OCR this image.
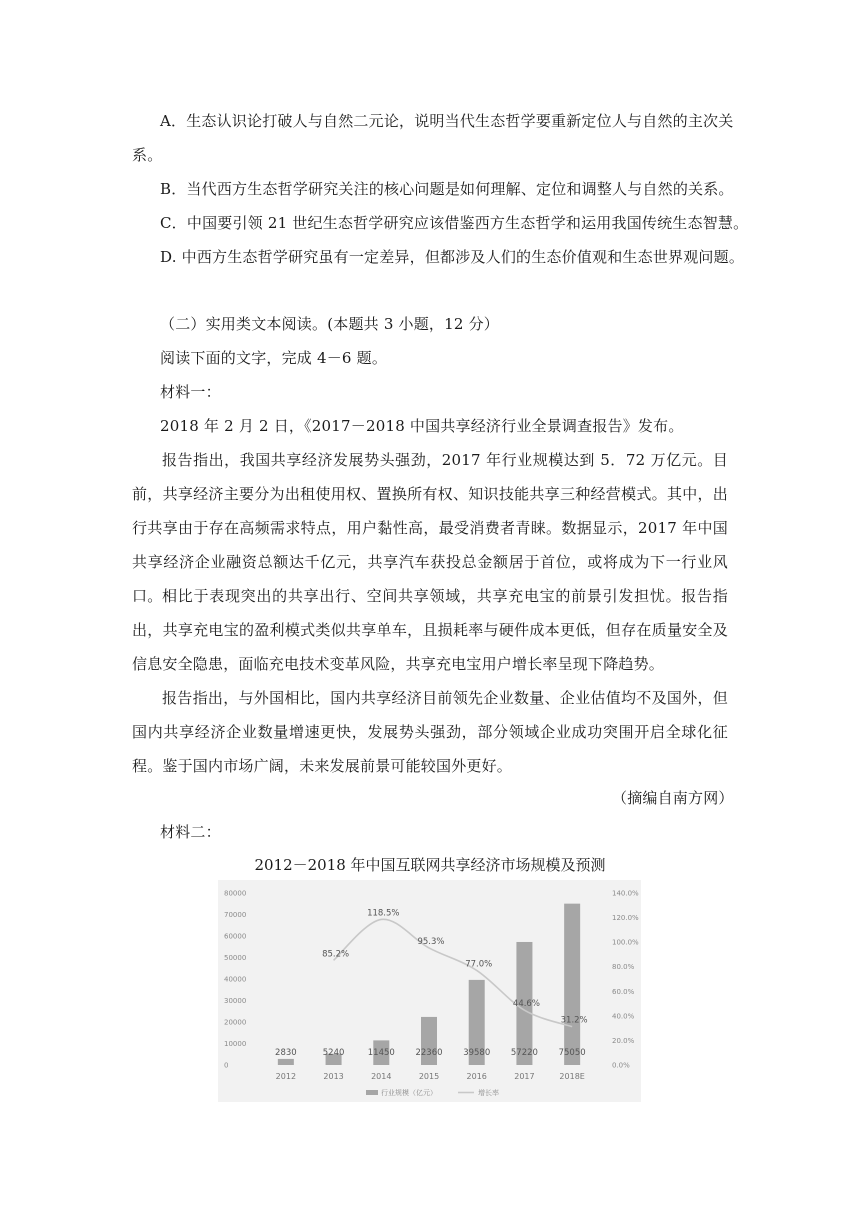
A．生态认识论打破人与自然二元论，说明当代生态哲学要重新定位人与自然的主次关
系。
B．当代西方生态哲学研究关注的核心问题是如何理解、定位和调整人与自然的关系。
C．中国要引领 21 世纪生态哲学研究应该借鉴西方生态哲学和运用我国传统生态智慧。
D. 中西方生态哲学研究虽有一定差异，但都涉及人们的生态价值观和生态世界观问题。
（二）实用类文本阅读。(本题共 3 小题，12 分）
阅读下面的文字，完成 4－6 题。
材料一：
2018 年 2 月 2 日，《2017－2018 中国共享经济行业全景调查报告》发布。
报告指出，我国共享经济发展势头强劲，2017 年行业规模达到 5．72 万亿元。目前，共享经济主要分为出租使用权、置换所有权、知识技能共享三种经营模式。其中，出行共享由于存在高频需求特点，用户黏性高，最受消费者青睐。数据显示，2017 年中国共享经济企业融资总额达千亿元，共享汽车获投总金额居于首位，或将成为下一行业风口。 相比于表现突出的共享出行、空间共享领域，共享充电宝的前景引发担忧。报告指出，共享充电宝的盈利模式类似共享单车，且损耗率与硬件成本更低，但存在质量安全及信息安全隐患，面临充电技术变革风险，共享充电宝用户增长率呈现下降趋势。
报告指出，与外国相比，国内共享经济目前领先企业数量、企业估值均不及国外，但国内共享经济企业数量增速更快，发展势头强劲，部分领域企业成功突围开启全球化征程。鉴于国内市场广阔，未来发展前景可能较国外更好。
（摘编自南方网）
材料二：
2012－2018 年中国互联网共享经济市场规模及预测
0
10000
20000
30000
40000
50000
60000
70000
80000
0.0%
20.0%
40.0%
60.0%
80.0%
100.0%
120.0%
140.0%
2830	5240	11450 22360 39580 57220 75050
85.2%
118.5%
95.3%
77.0%
44.6%
31.2%
2012	2013	2014	2015	2016	2017	2018E
行业规模（亿元）	增长率
